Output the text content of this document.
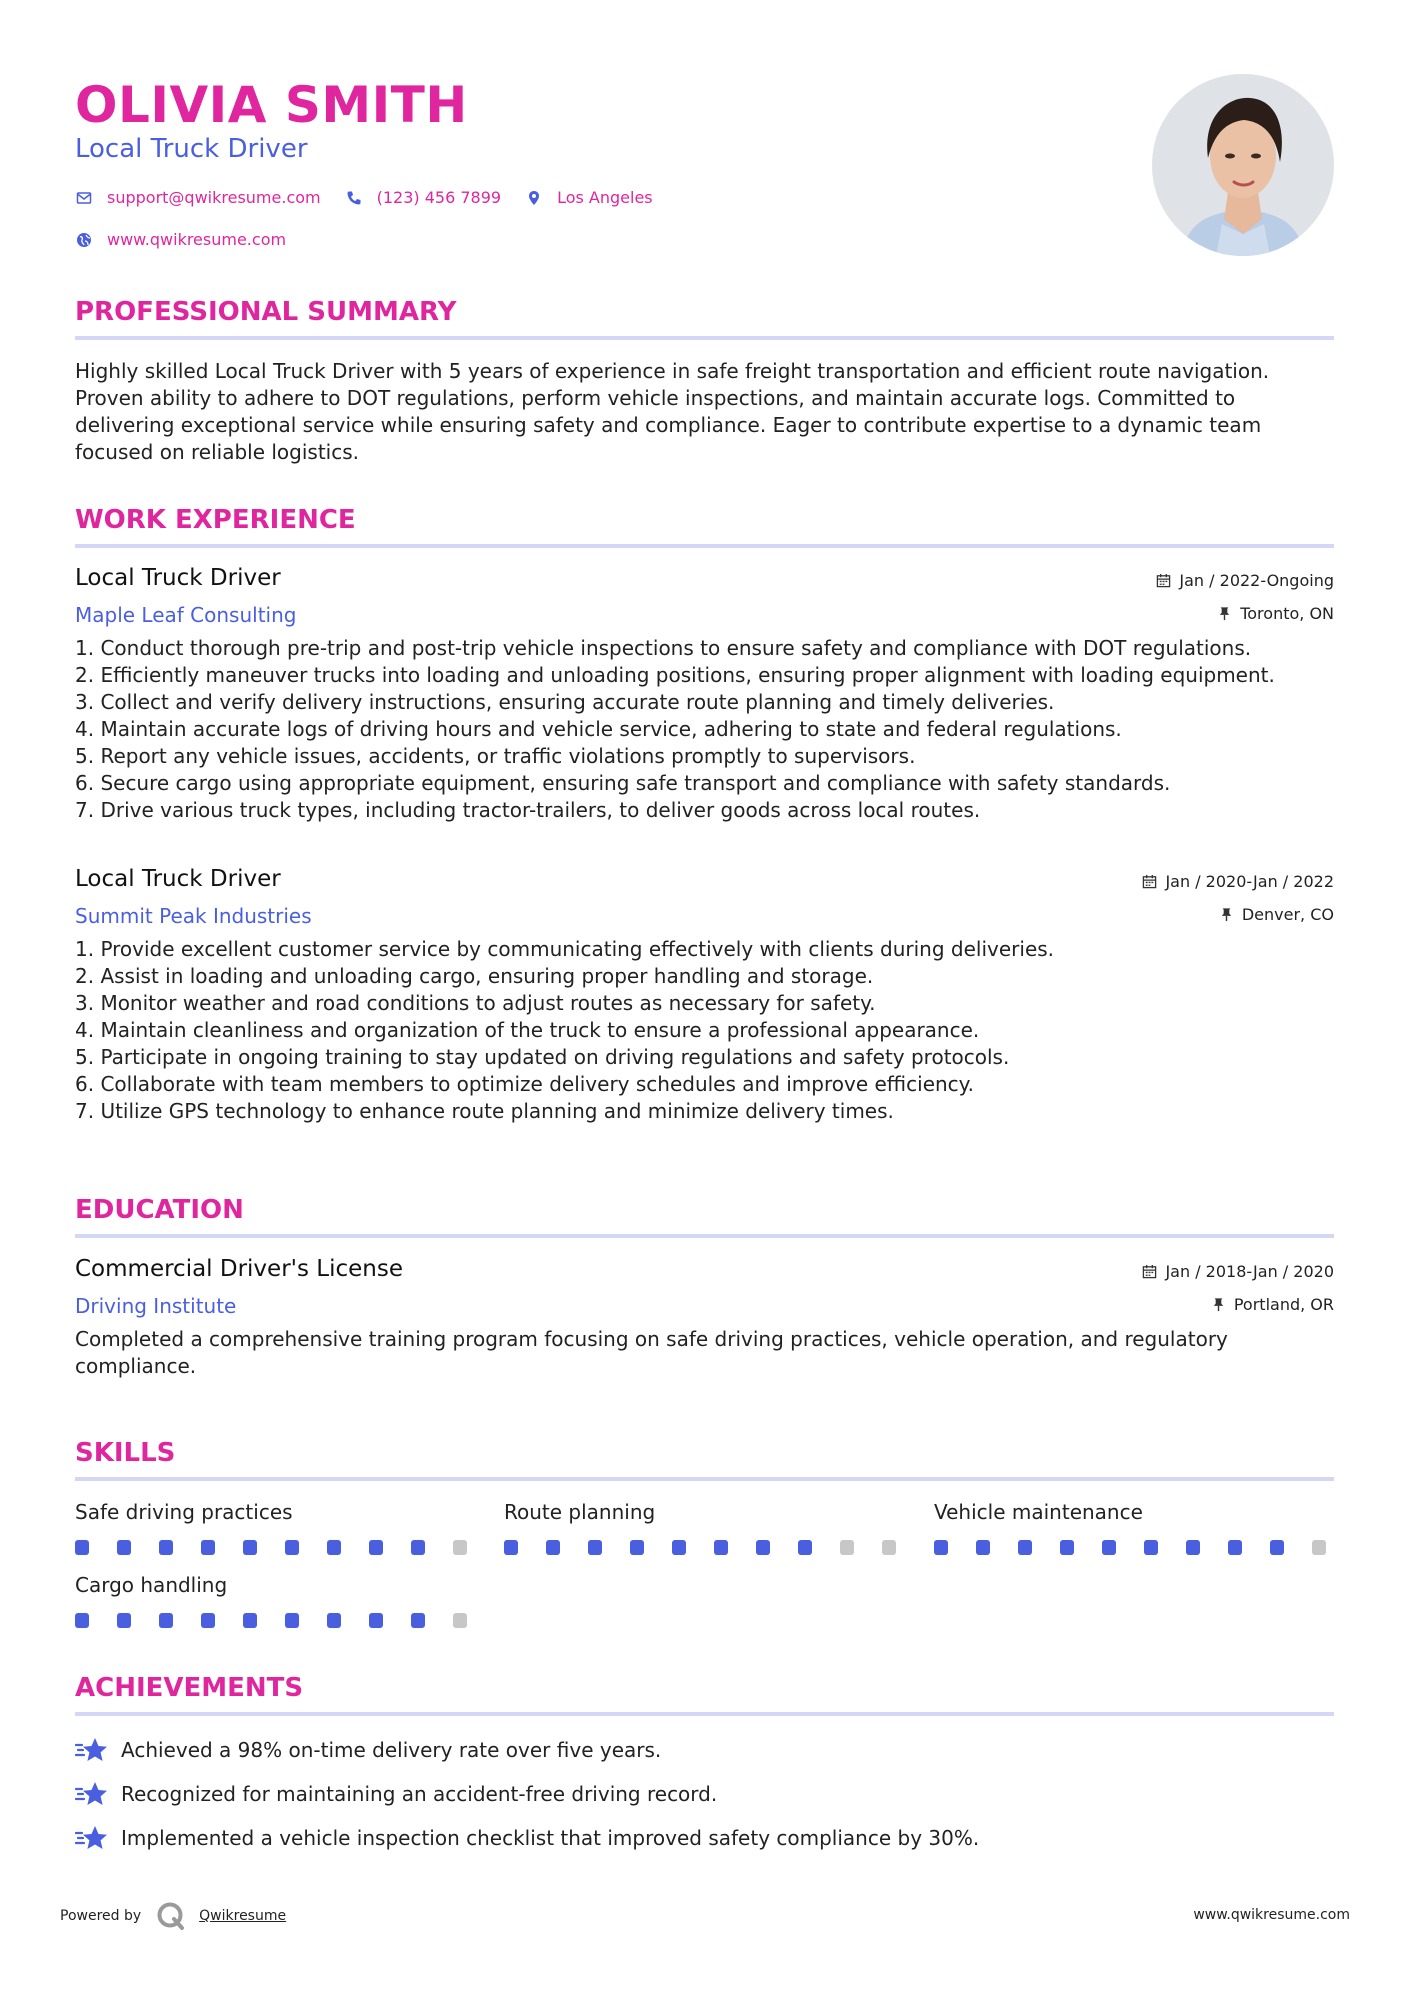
OLIVIA SMITH
Local Truck Driver
support@qwikresume.com	(123) 456 7899	Los Angeles
www.qwikresume.com
PROFESSIONAL SUMMARY

Highly skilled Local Truck Driver with 5 years of experience in safe freight transportation and efficient route navigation. Proven ability to adhere to DOT regulations, perform vehicle inspections, and maintain accurate logs. Committed to delivering exceptional service while ensuring safety and compliance. Eager to contribute expertise to a dynamic team focused on reliable logistics.

WORK EXPERIENCE
Local Truck Driver
Maple Leaf Consulting
Jan / 2022-Ongoing
Toronto, ON
1. Conduct thorough pre-trip and post-trip vehicle inspections to ensure safety and compliance with DOT regulations.
2. Efficiently maneuver trucks into loading and unloading positions, ensuring proper alignment with loading equipment.
3. Collect and verify delivery instructions, ensuring accurate route planning and timely deliveries.
4. Maintain accurate logs of driving hours and vehicle service, adhering to state and federal regulations.
5. Report any vehicle issues, accidents, or traffic violations promptly to supervisors.
6. Secure cargo using appropriate equipment, ensuring safe transport and compliance with safety standards.
7. Drive various truck types, including tractor-trailers, to deliver goods across local routes.
Local Truck Driver
Summit Peak Industries
Jan / 2020-Jan / 2022
Denver, CO
1. Provide excellent customer service by communicating effectively with clients during deliveries.
2. Assist in loading and unloading cargo, ensuring proper handling and storage.
3. Monitor weather and road conditions to adjust routes as necessary for safety.
4. Maintain cleanliness and organization of the truck to ensure a professional appearance.
5. Participate in ongoing training to stay updated on driving regulations and safety protocols.
6. Collaborate with team members to optimize delivery schedules and improve efficiency.
7. Utilize GPS technology to enhance route planning and minimize delivery times.
EDUCATION
Commercial Driver's License
Driving Institute
Jan / 2018-Jan / 2020
Portland, OR

Completed a comprehensive training program focusing on safe driving practices, vehicle operation, and regulatory compliance.

SKILLS
Safe driving practices	Route planning	Vehicle maintenance
Cargo handling
ACHIEVEMENTS
Achieved a 98% on-time delivery rate over five years.
Recognized for maintaining an accident-free driving record.
Implemented a vehicle inspection checklist that improved safety compliance by 30%.
Powered by	Qwikresume	www.qwikresume.com
